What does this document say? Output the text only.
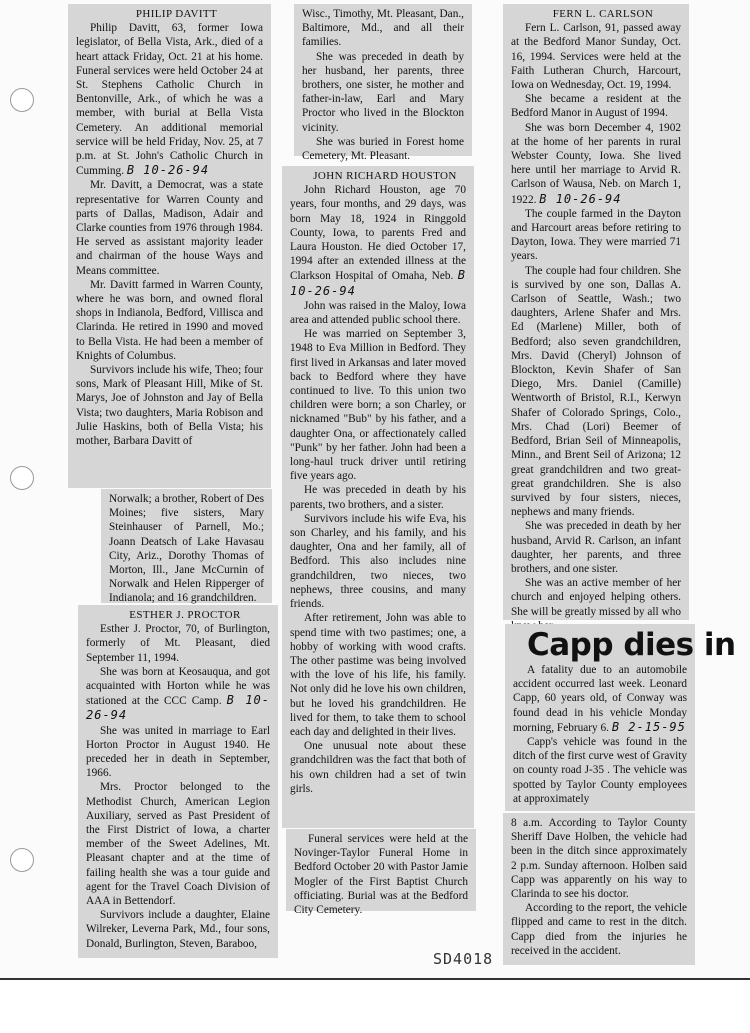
PHILIP DAVITT

Philip Davitt, 63, former Iowa legislator, of Bella Vista, Ark., died of a heart attack Friday, Oct. 21 at his home. Funeral services were held October 24 at St. Stephens Catholic Church in Bentonville, Ark., of which he was a member, with burial at Bella Vista Cemetery. An additional memorial service will be held Friday, Nov. 25, at 7 p.m. at St. John's Catholic Church in Cumming. B 10-26-94

Mr. Davitt, a Democrat, was a state representative for Warren County and parts of Dallas, Madison, Adair and Clarke counties from 1976 through 1984. He served as assistant majority leader and chairman of the house Ways and Means committee.

Mr. Davitt farmed in Warren County, where he was born, and owned floral shops in Indianola, Bedford, Villisca and Clarinda. He retired in 1990 and moved to Bella Vista. He had been a member of Knights of Columbus.

Survivors include his wife, Theo; four sons, Mark of Pleasant Hill, Mike of St. Marys, Joe of Johnston and Jay of Bella Vista; two daughters, Maria Robison and Julie Haskins, both of Bella Vista; his mother, Barbara Davitt of

Norwalk; a brother, Robert of Des Moines; five sisters, Mary Steinhauser of Parnell, Mo.; Joann Deatsch of Lake Havasau City, Ariz., Dorothy Thomas of Morton, Ill., Jane McCurnin of Norwalk and Helen Ripperger of Indianola; and 16 grandchildren.

ESTHER J. PROCTOR

Esther J. Proctor, 70, of Burlington, formerly of Mt. Pleasant, died September 11, 1994.

She was born at Keosauqua, and got acquainted with Horton while he was stationed at the CCC Camp. B 10-26-94

She was united in marriage to Earl Horton Proctor in August 1940. He preceded her in death in September, 1966.

Mrs. Proctor belonged to the Methodist Church, American Legion Auxiliary, served as Past President of the First District of Iowa, a charter member of the Sweet Adelines, Mt. Pleasant chapter and at the time of failing health she was a tour guide and agent for the Travel Coach Division of AAA in Bettendorf.

Survivors include a daughter, Elaine Wilreker, Leverna Park, Md., four sons, Donald, Burlington, Steven, Baraboo,

Wisc., Timothy, Mt. Pleasant, Dan., Baltimore, Md., and all their families.

She was preceded in death by her husband, her parents, three brothers, one sister, he mother and father-in-law, Earl and Mary Proctor who lived in the Blockton vicinity.

She was buried in Forest home Cemetery, Mt. Pleasant.

JOHN RICHARD HOUSTON

John Richard Houston, age 70 years, four months, and 29 days, was born May 18, 1924 in Ringgold County, Iowa, to parents Fred and Laura Houston. He died October 17, 1994 after an extended illness at the Clarkson Hospital of Omaha, Neb. B 10-26-94

John was raised in the Maloy, Iowa area and attended public school there.

He was married on September 3, 1948 to Eva Million in Bedford. They first lived in Arkansas and later moved back to Bedford where they have continued to live. To this union two children were born; a son Charley, or nicknamed "Bub" by his father, and a daughter Ona, or affectionately called "Punk" by her father. John had been a long-haul truck driver until retiring five years ago.

He was preceded in death by his parents, two brothers, and a sister.

Survivors include his wife Eva, his son Charley, and his family, and his daughter, Ona and her family, all of Bedford. This also includes nine grandchildren, two nieces, two nephews, three cousins, and many friends.

After retirement, John was able to spend time with two pastimes; one, a hobby of working with wood crafts. The other pastime was being involved with the love of his life, his family. Not only did he love his own children, but he loved his grandchildren. He lived for them, to take them to school each day and delighted in their lives.

One unusual note about these grandchildren was the fact that both of his own children had a set of twin girls.

Funeral services were held at the Novinger-Taylor Funeral Home in Bedford October 20 with Pastor Jamie Mogler of the First Baptist Church officiating. Burial was at the Bedford City Cemetery.

FERN L. CARLSON

Fern L. Carlson, 91, passed away at the Bedford Manor Sunday, Oct. 16, 1994. Services were held at the Faith Lutheran Church, Harcourt, Iowa on Wednesday, Oct. 19, 1994.

She became a resident at the Bedford Manor in August of 1994.

She was born December 4, 1902 at the home of her parents in rural Webster County, Iowa. She lived here until her marriage to Arvid R. Carlson of Wausa, Neb. on March 1, 1922. B 10-26-94

The couple farmed in the Dayton and Harcourt areas before retiring to Dayton, Iowa. They were married 71 years.

The couple had four children. She is survived by one son, Dallas A. Carlson of Seattle, Wash.; two daughters, Arlene Shafer and Mrs. Ed (Marlene) Miller, both of Bedford; also seven grandchildren, Mrs. David (Cheryl) Johnson of Blockton, Kevin Shafer of San Diego, Mrs. Daniel (Camille) Wentworth of Bristol, R.I., Kerwyn Shafer of Colorado Springs, Colo., Mrs. Chad (Lori) Beemer of Bedford, Brian Seil of Minneapolis, Minn., and Brent Seil of Arizona; 12 great grandchildren and two great-great grandchildren. She is also survived by four sisters, nieces, nephews and many friends.

She was preceded in death by her husband, Arvid R. Carlson, an infant daughter, her parents, and three brothers, and one sister.

She was an active member of her church and enjoyed helping others. She will be greatly missed by all who

Capp dies in

A fatality due to an automobile accident occurred last week. Leonard Capp, 60 years old, of Conway was found dead in his vehicle Monday morning, February 6. B 2-15-95

Capp's vehicle was found in the ditch of the first curve west of Gravity on county road J-35 . The vehicle was spotted by Taylor County employees at approximately

8 a.m. According to Taylor County Sheriff Dave Holben, the vehicle had been in the ditch since approximately 2 p.m. Sunday afternoon. Holben said Capp was apparently on his way to Clarinda to see his doctor.

According to the report, the vehicle flipped and came to rest in the ditch. Capp died from the injuries he received in the accident.

SD4018
